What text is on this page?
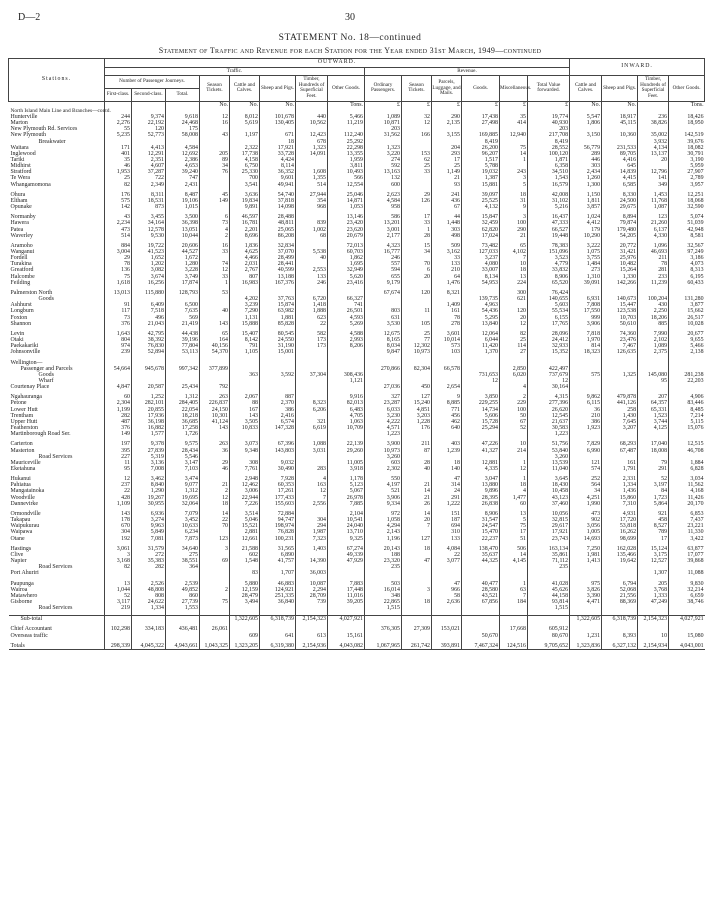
D—2	30
STATEMENT No. 18—continued
Statement of Traffic and Revenue for each Station for the Year ended 31st March, 1949—continued
Stations.	OUTWARD.														INWARD.			
	Traffic.								Revenue.									
	Number of Passenger Journeys.			Season Tickets.	Cattle and Calves.	Sheep and Pigs.	Timber, Hundreds of Superficial Feet.	Other Goods.	Ordinary Passengers.	Season Tickets.	Parcels, Luggage, and Mails.	Goods.	Miscellaneous.	Total Value forwarded.	Cattle and Calves.	Sheep and Pigs.	Timber, Hundreds of Superficial Feet.	Other Goods.
	First-class.	Second-class.	Total.															
				No.	No.	No.		Tons.	£	£	£	£	£	£	No.	No.		Tons.
North Island Main Line and Branches—contd.																		
Hunterville	244	9,374	9,618	12	8,012	101,678	440	5,466	1,089	32	290	17,438	35	19,774	5,547	18,917	236	18,426
Marton	2,276	22,192	24,468	16	5,619	130,405	10,562	11,219	10,871	12	2,135	27,498	414	40,930	1,806	45,115	38,826	18,950
New Plymouth Rd. Services	55	120	175						203					203				
New Plymouth	5,235	52,773	58,008	43	1,197	671	12,423	112,240	31,562	166	3,155	169,885	12,940	217,708	3,150	10,360	35,002	142,519
Breakwater						18	678	25,292				8,419		8,419			3,932	39,676
Waitara	171	4,413	4,584		2,322	17,921	1,323	22,298	1,323		204	26,200	75	28,552	56,779	231,533	4,134	18,082
Inglewood	401	12,291	12,692	205	17,738	33,728	14,091	13,355	3,220	153	293	96,207	14	100,120	289	89,705	13,137	30,791
Tariki	35	2,351	2,386	89	4,158	4,424		1,959	274	62	17	1,517	1	1,871	446	4,416	20	3,190
Midhirst	46	4,607	4,653	34	6,750	8,114		3,811	592	25	25	5,788		6,358	303	645		5,959
Stratford	1,953	37,287	39,240	76	25,330	36,352	1,608	10,493	13,163	33	1,149	19,032	243	34,510	2,434	14,839	12,796	27,907
Te Wera	25	722	747		700	9,601	1,355	566	132		21	1,387	3	1,543	1,260	4,415	141	2,789
Whangamomona	82	2,349	2,431		3,541	49,941	514	12,554	600		93	15,881	5	16,579	1,300	6,585	349	3,957

Ohura	176	8,311	8,487	45	3,636	54,740	27,944	25,046	2,623	29	241	39,097	18	42,008	1,150	8,330	1,453	12,251
Eltham	575	18,531	19,106	149	19,834	37,818	354	14,871	4,584	126	436	25,525	31	31,102	1,811	24,500	11,768	18,068
Opunake	142	873	1,015		9,891	14,098	968	1,053	958		67	4,132	9	5,216	3,857	29,675	1,087	32,590

Normanby	43	3,455	3,500	6	46,597	28,488		13,146	586	17	44	15,847	3	16,437	1,024	8,894	123	5,074
Hawera	2,234	34,164	36,398	73	16,781	48,811	839	23,420	13,201	33	1,448	32,459	100	47,333	4,412	79,874	21,260	51,039
Patea	473	12,578	13,051	4	2,201	25,065	1,002	23,620	3,001	1	303	62,820	290	66,527	179	179,480	6,137	42,948
Waverley	514	9,530	10,044	2	8,696	86,208	68	20,679	2,177	28	498	17,024	21	19,448	10,290	54,205	4,330	8,581

Aramoho	884	19,722	20,606	16	1,836	32,834		72,013	4,323	15	509	73,482	65	78,383	3,222	20,772	1,096	32,567
Wanganui	3,004	41,523	44,527	33	4,625	37,070	5,538	60,703	16,777	34	3,162	127,033	4,102	151,096	1,075	31,421	46,693	97,249
Fordell	29	1,652	1,672		4,466	28,499	40	1,862	246		33	3,237	7	3,523	3,755	25,976	211	3,186
Turakina	78	1,202	1,280	74	2,031	28,441		1,695	557	70	133	4,080	10	4,779	1,484	10,482	78	4,073
Greatford	136	3,082	3,228	12	2,767	40,599	2,553	32,949	594	6	210	33,007	18	33,832	273	15,264	281	8,313
Halcombe	75	3,674	3,749	33	807	13,188	133	5,620	655	20	64	8,134	13	8,906	1,310	1,330	233	6,195
Feilding	1,618	16,256	17,874	1	16,983	167,376	246	23,416	9,179		1,476	54,953	224	65,520	39,091	142,266	11,239	60,433

Palmerston North	13,013	115,880	128,793	53					67,674	120	8,321		300	76,424				
Goods					4,202	37,763	6,720	66,327				139,735	621	140,655	6,931	140,673	100,204	131,280
Ashhurst	91	6,409	6,500		3,239	15,874	1,418	741			1,409	4,963		5,603	7,808	15,447	430	3,877
Longburn	117	7,518	7,635	40	7,290	63,982	1,888	26,501	803	11	161	54,436	120	55,534	17,550	123,538	2,250	15,662
Foxton	73	496	569		1,131	1,881	623	4,593	631		78	5,295	20	6,155	999	10,703	18,206	26,517
Shannon	376	21,043	21,419	143	15,888	85,828	22	5,269	3,530	105	278	13,840	12	17,765	3,906	50,610	885	10,028

Levin	1,643	42,795	44,438	65	15,407	80,545	582	4,588	12,675	25	3,601	12,064	82	28,096	7,818	74,360	7,990	20,677
Otaki	804	38,392	39,196	164	8,142	24,550	173	2,993	8,165	77	10,014	6,044	25	24,412	1,970	23,476	2,102	9,655
Paekakariki	974	76,830	77,804	40,156	791	31,190	173	8,206	8,034	12,302	573	11,420	114	32,933	814	7,467	1,089	5,466
Johnsonville	239	52,894	53,113	54,370	1,105	15,001			9,847	10,973	103	1,370	27	15,352	18,323	126,635	2,375	2,138

Wellington—																		
Passenger and Parcels	54,664	945,678	997,342	377,899					270,866	82,304	66,578		2,850	422,497				
Goods					363	3,592	37,304	308,436				731,653	6,020	737,679	575	1,325	145,080	281,238
Wharf								1,121				12		12			95	22,203
Courtenay Place	4,847	20,587	25,434	792					27,036	450	2,654		4	30,164				

Ngahauranga	60	1,252	1,312	263	2,067	887		9,916	327	127	9	3,850	2	4,315	9,862	479,878	207	4,906
Petone	2,304	282,101	284,405	226,837	88	2,370	8,323	82,013	23,287	15,240	8,885	229,255	229	277,396	6,115	441,126	64,357	83,446
Lower Hutt	1,199	20,855	22,054	24,150	167	386	6,206	6,483	6,033	4,851	771	14,734	100	26,620	36	258	65,331	8,485
Trentham	282	17,936	18,218	10,301	143	2,416		4,705	3,230	3,203	456	5,606	50	12,545	210	1,430	1,523	7,214
Upper Hutt	487	36,198	36,685	41,124	3,505	6,574	321	1,063	4,222	1,228	462	15,728	67	21,637	386	7,645	3,744	5,115
Featherston	376	16,882	17,258	143	10,833	147,328	6,619	10,709	4,571	176	640	25,294	52	30,583	1,923	3,207	4,125	15,076
Martinborough Road Ser.	149	1,577	1,726						1,223					1,223				

Carterton	197	9,378	9,575	263	3,073	67,396	1,088	22,139	3,900	211	403	47,226	10	51,756	7,829	68,293	17,040	12,515
Masterton	395	27,839	28,434	36	9,348	143,803	3,031	29,260	10,973	87	1,239	41,327	214	53,840	6,990	67,487	18,008	46,708
Road Services	227	5,319	5,546						3,260					3,260				
Mauriceville	11	3,136	3,147	29	308	9,032		11,005	603	28	18	12,881	1	13,539	121	161	79	1,884
Eketahuna	95	7,008	7,103	46	7,761	30,490	283	3,918	2,302	40	140	4,335	12	11,040	574	1,791	291	6,828

Hukanui	12	3,462	3,474		2,948	7,928	4	1,178	550		47	3,047	1	3,645	252	2,331	52	3,034
Pahiatua	237	8,840	9,077	21	12,462	60,353	163	5,123	4,197	21	314	13,880	18	18,430	564	1,334	3,197	11,562
Mangatainoka	22	1,290	1,312	2	3,006	17,261	12	5,067	521	14	24	9,896	4	10,458	34	1,436	84	4,168
Woodville	428	19,267	19,695	12	22,944	177,433	7	26,978	3,906	21	291	28,395	1,477	43,123	4,251	15,860	1,723	11,426
Dannevirke	1,109	30,955	32,064	18	7,226	155,603	2,556	7,885	9,334	26	1,222	26,838	60	37,460	1,990	7,310	5,864	20,170

Ormondville	143	6,936	7,079	14	3,514	72,884		2,104	972	14	151	8,906	13	10,056	473	4,931	921	6,853
Takapau	178	3,274	3,452	22	5,046	94,747	304	10,541	1,058	20	187	31,547	5	32,815	902	17,720	458	7,437
Waipukurau	670	9,963	10,633	70	15,521	198,974	294	24,040	4,294	7	694	24,547	75	29,617	3,056	53,818	8,527	23,221
Waipawa	304	5,849	6,234		2,881	76,828	1,987	13,710	2,143		310	15,470	17	17,921	1,005	16,262	789	11,330
Otane	192	7,081	7,873	123	12,661	100,231	7,323	9,325	1,196	127	133	22,237	51	23,743	14,693	98,699	17	3,422

Hastings	3,061	31,579	34,640	3	21,588	31,565	1,403	67,274	20,143	18	4,084	138,470	506	163,134	7,250	162,028	15,124	63,877
Clive	3	272	275		602	6,890		49,339	188		22	35,637	14	35,861	1,981	135,466	3,175	17,077
Napier	3,168	35,383	38,551	69	1,548	41,757	14,390	47,929	23,320	47	3,077	44,325	4,145	71,112	1,413	19,642	12,527	39,868
Road Services	82	282	364						235					235				
Port Ahuriri					83	1,707	36,003										1,307	11,088

Paupunga	13	2,526	2,539		5,880	46,883	10,087	7,883	503		47	40,477	1	41,028	975	6,794	205	9,830
Wairoa	1,044	48,808	49,852	2	12,159	124,921	2,294	17,448	16,014	3	966	28,580	63	45,626	3,826	52,068	3,768	32,214
Matawhero	52	808	860		28,479	251,335	28,709	11,016	348		58	43,521	7	44,158	3,390	21,556	1,333	6,659
Gisborne	3,117	24,622	27,739	75	3,494	36,840	739	39,205	22,865	18	2,636	67,856	184	93,814	4,471	88,369	47,249	38,746
Road Services	219	1,334	1,553						1,515					1,515				

Sub-total					1,322,605	6,318,739	2,154,323	4,027,921							1,322,605	6,318,739	2,154,323	4,027,921

Chief Accountant	102,298	334,183	436,481	26,061					376,305	27,309	153,021		17,668	605,912				
Overseas traffic					609	641	613	15,161				50,670		80,670	1,231	8,393	10	15,080

Totals	298,339	4,045,322	4,943,661	1,043,325	1,323,205	6,319,380	2,154,936	4,043,082	1,067,965	261,742	393,891	7,467,324	124,516	9,705,652	1,323,836	6,327,132	2,154,934	4,043,001
